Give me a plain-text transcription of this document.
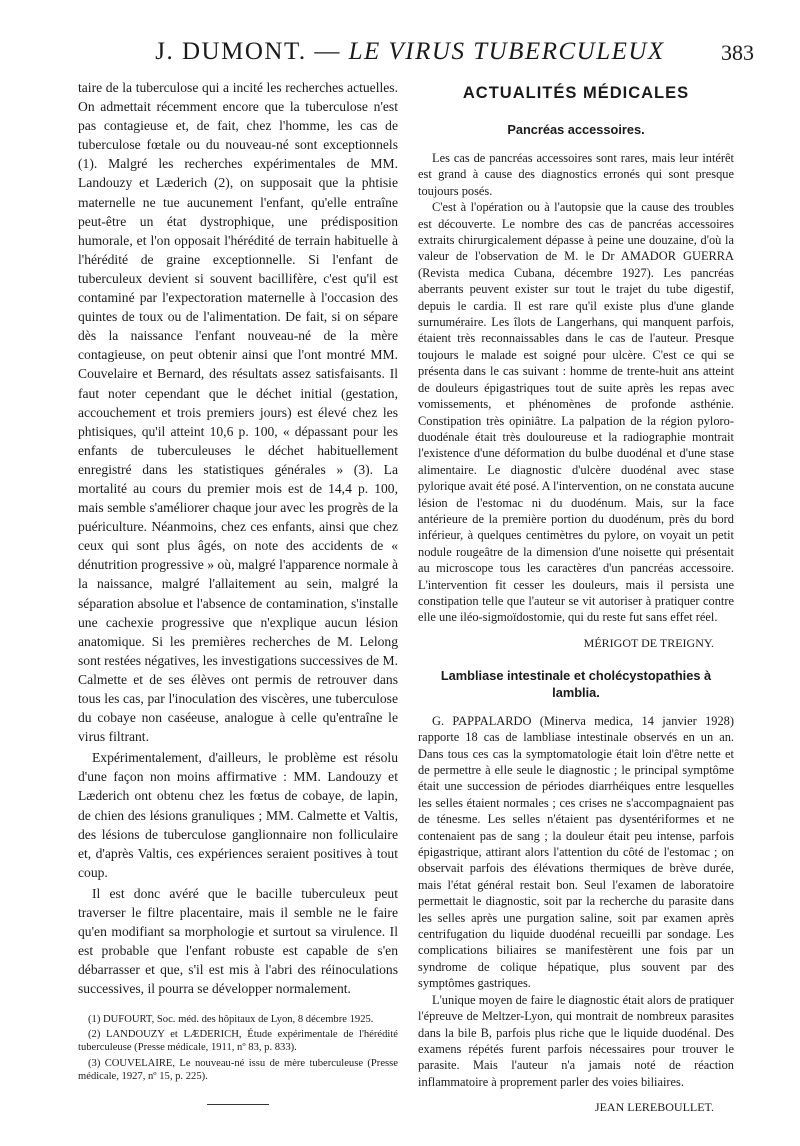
J. DUMONT. — LE VIRUS TUBERCULEUX	383

taire de la tuberculose qui a incité les recherches actuelles. On admettait récemment encore que la tuberculose n'est pas contagieuse et, de fait, chez l'homme, les cas de tuberculose fœtale ou du nouveau-né sont exceptionnels (1). Malgré les recherches expérimentales de MM. Landouzy et Læderich (2), on supposait que la phtisie maternelle ne tue aucunement l'enfant, qu'elle entraîne peut-être un état dystrophique, une prédisposition humorale, et l'on opposait l'hérédité de terrain habituelle à l'hérédité de graine exceptionnelle. Si l'enfant de tuberculeux devient si souvent bacillifère, c'est qu'il est contaminé par l'expectoration maternelle à l'occasion des quintes de toux ou de l'alimentation. De fait, si on sépare dès la naissance l'enfant nouveau-né de la mère contagieuse, on peut obtenir ainsi que l'ont montré MM. Couvelaire et Bernard, des résultats assez satisfaisants. Il faut noter cependant que le déchet initial (gestation, accouchement et trois premiers jours) est élevé chez les phtisiques, qu'il atteint 10,6 p. 100, « dépassant pour les enfants de tuberculeuses le déchet habituellement enregistré dans les statistiques générales » (3). La mortalité au cours du premier mois est de 14,4 p. 100, mais semble s'améliorer chaque jour avec les progrès de la puériculture. Néanmoins, chez ces enfants, ainsi que chez ceux qui sont plus âgés, on note des accidents de « dénutrition progressive » où, malgré l'apparence normale à la naissance, malgré l'allaitement au sein, malgré la séparation absolue et l'absence de contamination, s'installe une cachexie progressive que n'explique aucun lésion anatomique. Si les premières recherches de M. Lelong sont restées négatives, les investigations successives de M. Calmette et de ses élèves ont permis de retrouver dans tous les cas, par l'inoculation des viscères, une tuberculose du cobaye non caséeuse, analogue à celle qu'entraîne le virus filtrant.

Expérimentalement, d'ailleurs, le problème est résolu d'une façon non moins affirmative : MM. Landouzy et Læderich ont obtenu chez les fœtus de cobaye, de lapin, de chien des lésions granuliques ; MM. Calmette et Valtis, des lésions de tuberculose ganglionnaire non folliculaire et, d'après Valtis, ces expériences seraient positives à tout coup.

Il est donc avéré que le bacille tuberculeux peut traverser le filtre placentaire, mais il semble ne le faire qu'en modifiant sa morphologie et surtout sa virulence. Il est probable que l'enfant robuste est capable de s'en débarrasser et que, s'il est mis à l'abri des réinoculations successives, il pourra se développer normalement.

(1) DUFOURT, Soc. méd. des hôpitaux de Lyon, 8 décembre 1925.

(2) LANDOUZY et LÆDERICH, Étude expérimentale de l'hérédité tuberculeuse (Presse médicale, 1911, nº 83, p. 833).

(3) COUVELAIRE, Le nouveau-né issu de mère tuberculeuse (Presse médicale, 1927, nº 15, p. 225).

ACTUALITÉS MÉDICALES
Pancréas accessoires.

Les cas de pancréas accessoires sont rares, mais leur intérêt est grand à cause des diagnostics erronés qui sont presque toujours posés.

C'est à l'opération ou à l'autopsie que la cause des troubles est découverte. Le nombre des cas de pancréas accessoires extraits chirurgicalement dépasse à peine une douzaine, d'où la valeur de l'observation de M. le Dr AMADOR GUERRA (Revista medica Cubana, décembre 1927). Les pancréas aberrants peuvent exister sur tout le trajet du tube digestif, depuis le cardia. Il est rare qu'il existe plus d'une glande surnuméraire. Les îlots de Langerhans, qui manquent parfois, étaient très reconnaissables dans le cas de l'auteur. Presque toujours le malade est soigné pour ulcère. C'est ce qui se présenta dans le cas suivant : homme de trente-huit ans atteint de douleurs épigastriques tout de suite après les repas avec vomissements, et phénomènes de profonde asthénie. Constipation très opiniâtre. La palpation de la région pyloro-duodénale était très douloureuse et la radiographie montrait l'existence d'une déformation du bulbe duodénal et d'une stase alimentaire. Le diagnostic d'ulcère duodénal avec stase pylorique avait été posé. A l'intervention, on ne constata aucune lésion de l'estomac ni du duodénum. Mais, sur la face antérieure de la première portion du duodénum, près du bord inférieur, à quelques centimètres du pylore, on voyait un petit nodule rougeâtre de la dimension d'une noisette qui présentait au microscope tous les caractères d'un pancréas accessoire. L'intervention fit cesser les douleurs, mais il persista une constipation telle que l'auteur se vit autoriser à pratiquer contre elle une iléo-sigmoïdostomie, qui du reste fut sans effet réel.

MÉRIGOT DE TREIGNY.
Lambliase intestinale et cholécystopathies à lamblia.

G. PAPPALARDO (Minerva medica, 14 janvier 1928) rapporte 18 cas de lambliase intestinale observés en un an. Dans tous ces cas la symptomatologie était loin d'être nette et de permettre à elle seule le diagnostic ; le principal symptôme était une succession de périodes diarrhéiques entre lesquelles les selles étaient normales ; ces crises ne s'accompagnaient pas de ténesme. Les selles n'étaient pas dysentériformes et ne contenaient pas de sang ; la douleur était peu intense, parfois épigastrique, attirant alors l'attention du côté de l'estomac ; on observait parfois des élévations thermiques de brève durée, mais l'état général restait bon. Seul l'examen de laboratoire permettait le diagnostic, soit par la recherche du parasite dans les selles après une purgation saline, soit par examen après centrifugation du liquide duodénal recueilli par sondage. Les complications biliaires se manifestèrent une fois par un syndrome de colique hépatique, plus souvent par des symptômes gastriques.

L'unique moyen de faire le diagnostic était alors de pratiquer l'épreuve de Meltzer-Lyon, qui montrait de nombreux parasites dans la bile B, parfois plus riche que le liquide duodénal. Des examens répétés furent parfois nécessaires pour trouver le parasite. Mais l'auteur n'a jamais noté de réaction inflammatoire à proprement parler des voies biliaires.

JEAN LEREBOULLET.
